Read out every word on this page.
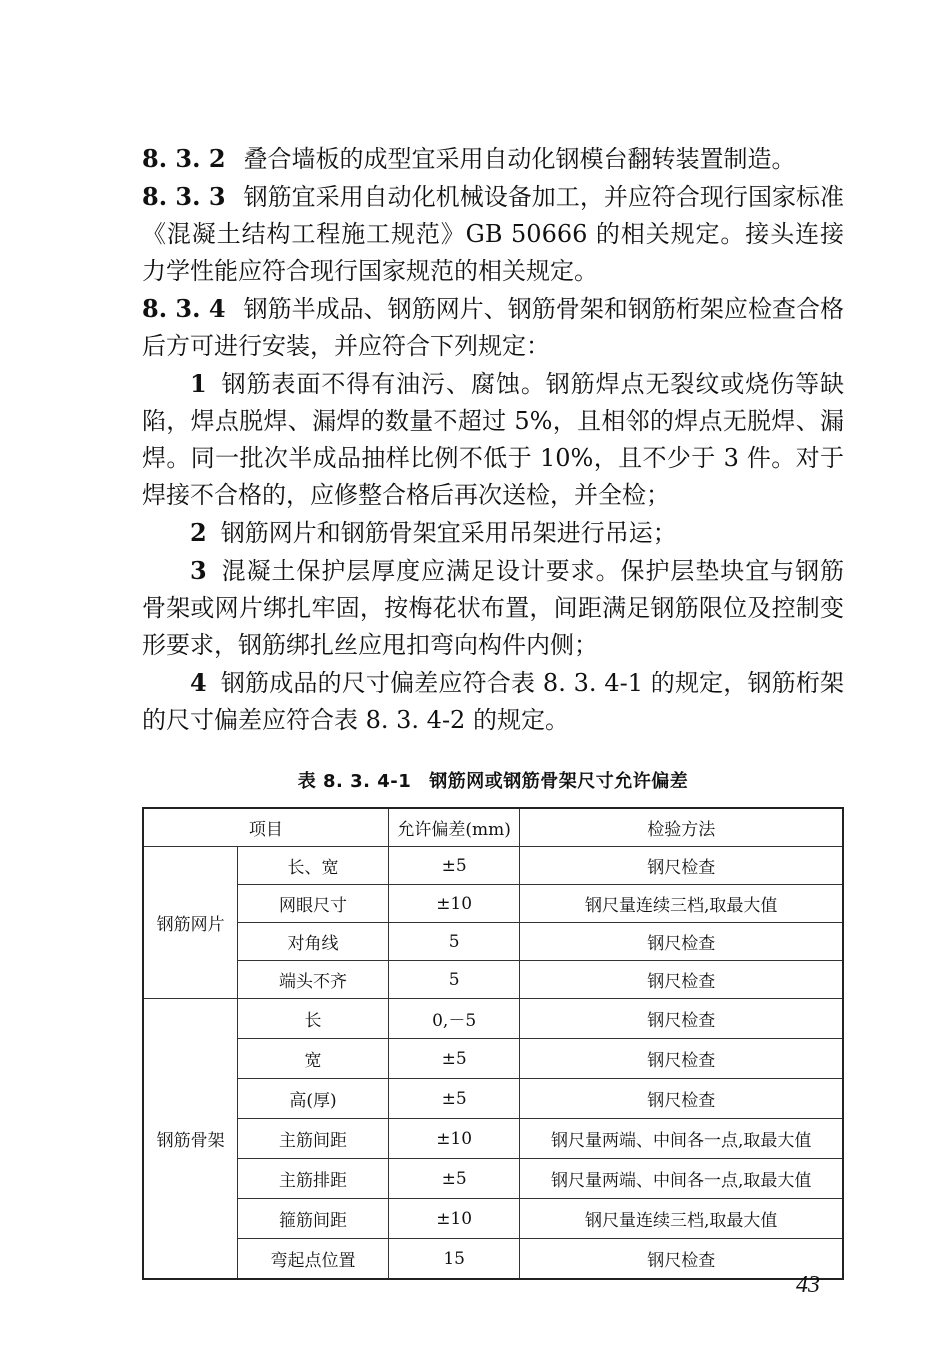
8. 3. 2 叠合墙板的成型宜采用自动化钢模台翻转装置制造。

8. 3. 3 钢筋宜采用自动化机械设备加工，并应符合现行国家标准《混凝土结构工程施工规范》GB 50666 的相关规定。接头连接力学性能应符合现行国家规范的相关规定。

8. 3. 4 钢筋半成品、钢筋网片、钢筋骨架和钢筋桁架应检查合格后方可进行安装，并应符合下列规定：

1 钢筋表面不得有油污、腐蚀。钢筋焊点无裂纹或烧伤等缺陷，焊点脱焊、漏焊的数量不超过 5%，且相邻的焊点无脱焊、漏焊。同一批次半成品抽样比例不低于 10%，且不少于 3 件。对于焊接不合格的，应修整合格后再次送检，并全检；

2 钢筋网片和钢筋骨架宜采用吊架进行吊运；

3 混凝土保护层厚度应满足设计要求。保护层垫块宜与钢筋骨架或网片绑扎牢固，按梅花状布置，间距满足钢筋限位及控制变形要求，钢筋绑扎丝应甩扣弯向构件内侧；

4 钢筋成品的尺寸偏差应符合表 8. 3. 4-1 的规定，钢筋桁架的尺寸偏差应符合表 8. 3. 4-2 的规定。

表 8. 3. 4-1 钢筋网或钢筋骨架尺寸允许偏差
项目		允许偏差(mm)	检验方法
钢筋网片	长、宽	±5	钢尺检查
	网眼尺寸	±10	钢尺量连续三档,取最大值
	对角线	5	钢尺检查
	端头不齐	5	钢尺检查
钢筋骨架	长	0,－5	钢尺检查
	宽	±5	钢尺检查
	高(厚)	±5	钢尺检查
	主筋间距	±10	钢尺量两端、中间各一点,取最大值
	主筋排距	±5	钢尺量两端、中间各一点,取最大值
	箍筋间距	±10	钢尺量连续三档,取最大值
	弯起点位置	15	钢尺检查
43
